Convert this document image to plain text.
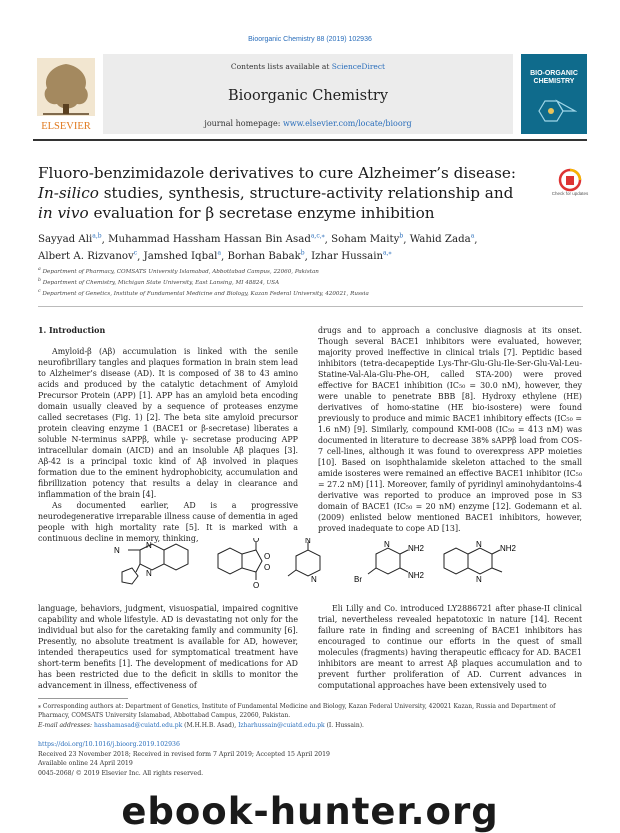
Bioorganic Chemistry 88 (2019) 102936
ELSEVIER
Contents lists available at ScienceDirect
Bioorganic Chemistry
journal homepage: www.elsevier.com/locate/bioorg
BIO-ORGANIC CHEMISTRY
Fluoro-benzimidazole derivatives to cure Alzheimer’s disease: In-silico studies, synthesis, structure-activity relationship and in vivo evaluation for β secretase enzyme inhibition
Check for updates
Sayyad Ali$^{a,b}$, Muhammad Hassham Hassan Bin Asad$^{a,c,⁎}$, Soham Maity$^b$, Wahid Zada$^a$,
Albert A. Rizvanov$^c$, Jamshed Iqbal$^a$, Borhan Babak$^b$, Izhar Hussain$^{a,⁎}$
$^a$ Department of Pharmacy, COMSATS University Islamabad, Abbottabad Campus, 22060, Pakistan
$^b$ Department of Chemistry, Michigan State University, East Lansing, MI 48824, USA
$^c$ Department of Genetics, Institute of Fundamental Medicine and Biology, Kazan Federal University, 420021, Russia
1. Introduction

Amyloid-β (Aβ) accumulation is linked with the senile neurofibrillary tangles and plaques formation in brain stem lead to Alzheimer’s disease (AD). It is composed of 38 to 43 amino acids and produced by the catalytic detachment of Amyloid Precursor Protein (APP) [1]. APP has an amyloid beta encoding domain usually cleaved by a sequence of proteases enzyme called secretases (Fig. 1) [2]. The beta site amyloid precursor protein cleaving enzyme 1 (BACE1 or β-secretase) liberates a soluble N-terminus sAPPβ, while γ- secretase producing APP intracellular domain (AICD) and an insoluble Aβ plaques [3]. Aβ-42 is a principal toxic kind of Aβ involved in plaques formation due to the eminent hydrophobicity, accumulation and fibrillization potency that results a delay in clearance and inflammation of the brain [4].

As documented earlier, AD is a progressive neurodegenerative irreparable illness cause of dementia in aged people with high mortality rate [5]. It is marked with a continuous decline in memory, thinking,

drugs and to approach a conclusive diagnosis at its onset. Though several BACE1 inhibitors were evaluated, however, majority proved ineffective in clinical trials [7]. Peptidic based inhibitors (tetra-decapeptide Lys-Thr-Glu-Glu-Ile-Ser-Glu-Val-Leu-Statine-Val-Ala-Glu-Phe-OH, called STA-200) were proved effective for BACE1 inhibition (IC₅₀ = 30.0 nM), however, they were unable to penetrate BBB [8]. Hydroxy ethylene (HE) derivatives of homo-statine (HE bio-isostere) were found previously to produce and mimic BACE1 inhibitory effects (IC₅₀ = 1.6 nM) [9]. Similarly, compound KMI-008 (IC₅₀ = 413 nM) was documented in literature to decrease 38% sAPPβ load from COS-7 cell-lines, although it was found to overexpress APP moieties [10]. Based on isophthalamide skeleton attached to the small amide isosteres were remained an effective BACE1 inhibitor (IC₅₀ = 27.2 nM) [11]. Moreover, family of pyridinyl aminohydantoins-4 derivative was reported to produce an improved pose in S3 domain of BACE1 (IC₅₀ = 20 nM) enzyme [12]. Godemann et al. (2009) enlisted below mentioned BACE1 inhibitors, however, proved inadequate to cope AD [13].

N
N
N
O
O
O
O
N
N
NH2
Br
N
NH2
NH2
N
N

language, behaviors, judgment, visuospatial, impaired cognitive capability and whole lifestyle. AD is devastating not only for the individual but also for the caretaking family and community [6]. Presently, no absolute treatment is available for AD, however, intended therapeutics used for symptomatical treatment have short-term benefits [1]. The development of medications for AD has been restricted due to the deficit in skills to monitor the advancement in illness, effectiveness of

Eli Lilly and Co. introduced LY2886721 after phase-II clinical trial, nevertheless revealed hepatotoxic in nature [14]. Recent failure rate in finding and screening of BACE1 inhibitors has encouraged to continue our efforts in the quest of small molecules (fragments) having therapeutic efficacy for AD. BACE1 inhibitors are meant to arrest Aβ plaques accumulation and to prevent further proliferation of AD. Current advances in computational approaches have been extensively used to

⁎ Corresponding authors at: Department of Genetics, Institute of Fundamental Medicine and Biology, Kazan Federal University, 420021 Kazan, Russia and Department of Pharmacy, COMSATS University Islamabad, Abbottabad Campus, 22060, Pakistan.
E-mail addresses: hasshamasad@cuiatd.edu.pk (M.H.H.B. Asad), Izharhussain@cuiatd.edu.pk (I. Hussain).
https://doi.org/10.1016/j.bioorg.2019.102936
Received 23 November 2018; Received in revised form 7 April 2019; Accepted 15 April 2019
Available online 24 April 2019
0045-2068/ © 2019 Elsevier Inc. All rights reserved.
ebook-hunter.org
